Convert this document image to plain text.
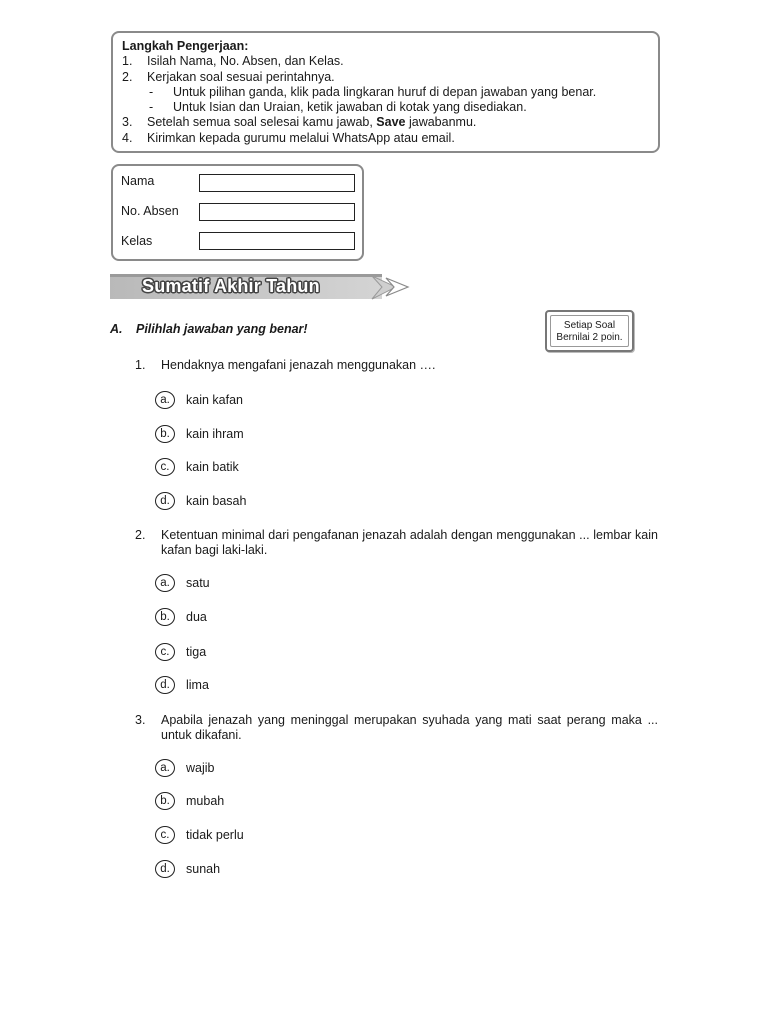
Langkah Pengerjaan:
1.	Isilah Nama, No. Absen, dan Kelas.
2.	Kerjakan soal sesuai perintahnya.
-	Untuk pilihan ganda, klik pada lingkaran huruf di depan jawaban yang benar.
-	Untuk Isian dan Uraian, ketik jawaban di kotak yang disediakan.
3.	Setelah semua soal selesai kamu jawab, Save jawabanmu.
4.	Kirimkan kepada gurumu melalui WhatsApp atau email.
Nama
No. Absen
Kelas
Sumatif Akhir Tahun
A.	Pilihlah jawaban yang benar!	Setiap Soal
Bernilai 2 poin.
1. Hendaknya mengafani jenazah menggunakan ….
a.	kain kafan
b.	kain ihram
c.	kain batik
d.	kain basah
2. Ketentuan minimal dari pengafanan jenazah adalah dengan menggunakan ... lembar kain kafan bagi laki-laki.
a.	satu
b.	dua
c.	tiga
d.	lima
3. Apabila jenazah yang meninggal merupakan syuhada yang mati saat perang maka ... untuk dikafani.
a.	wajib
b.	mubah
c.	tidak perlu
d.	sunah
